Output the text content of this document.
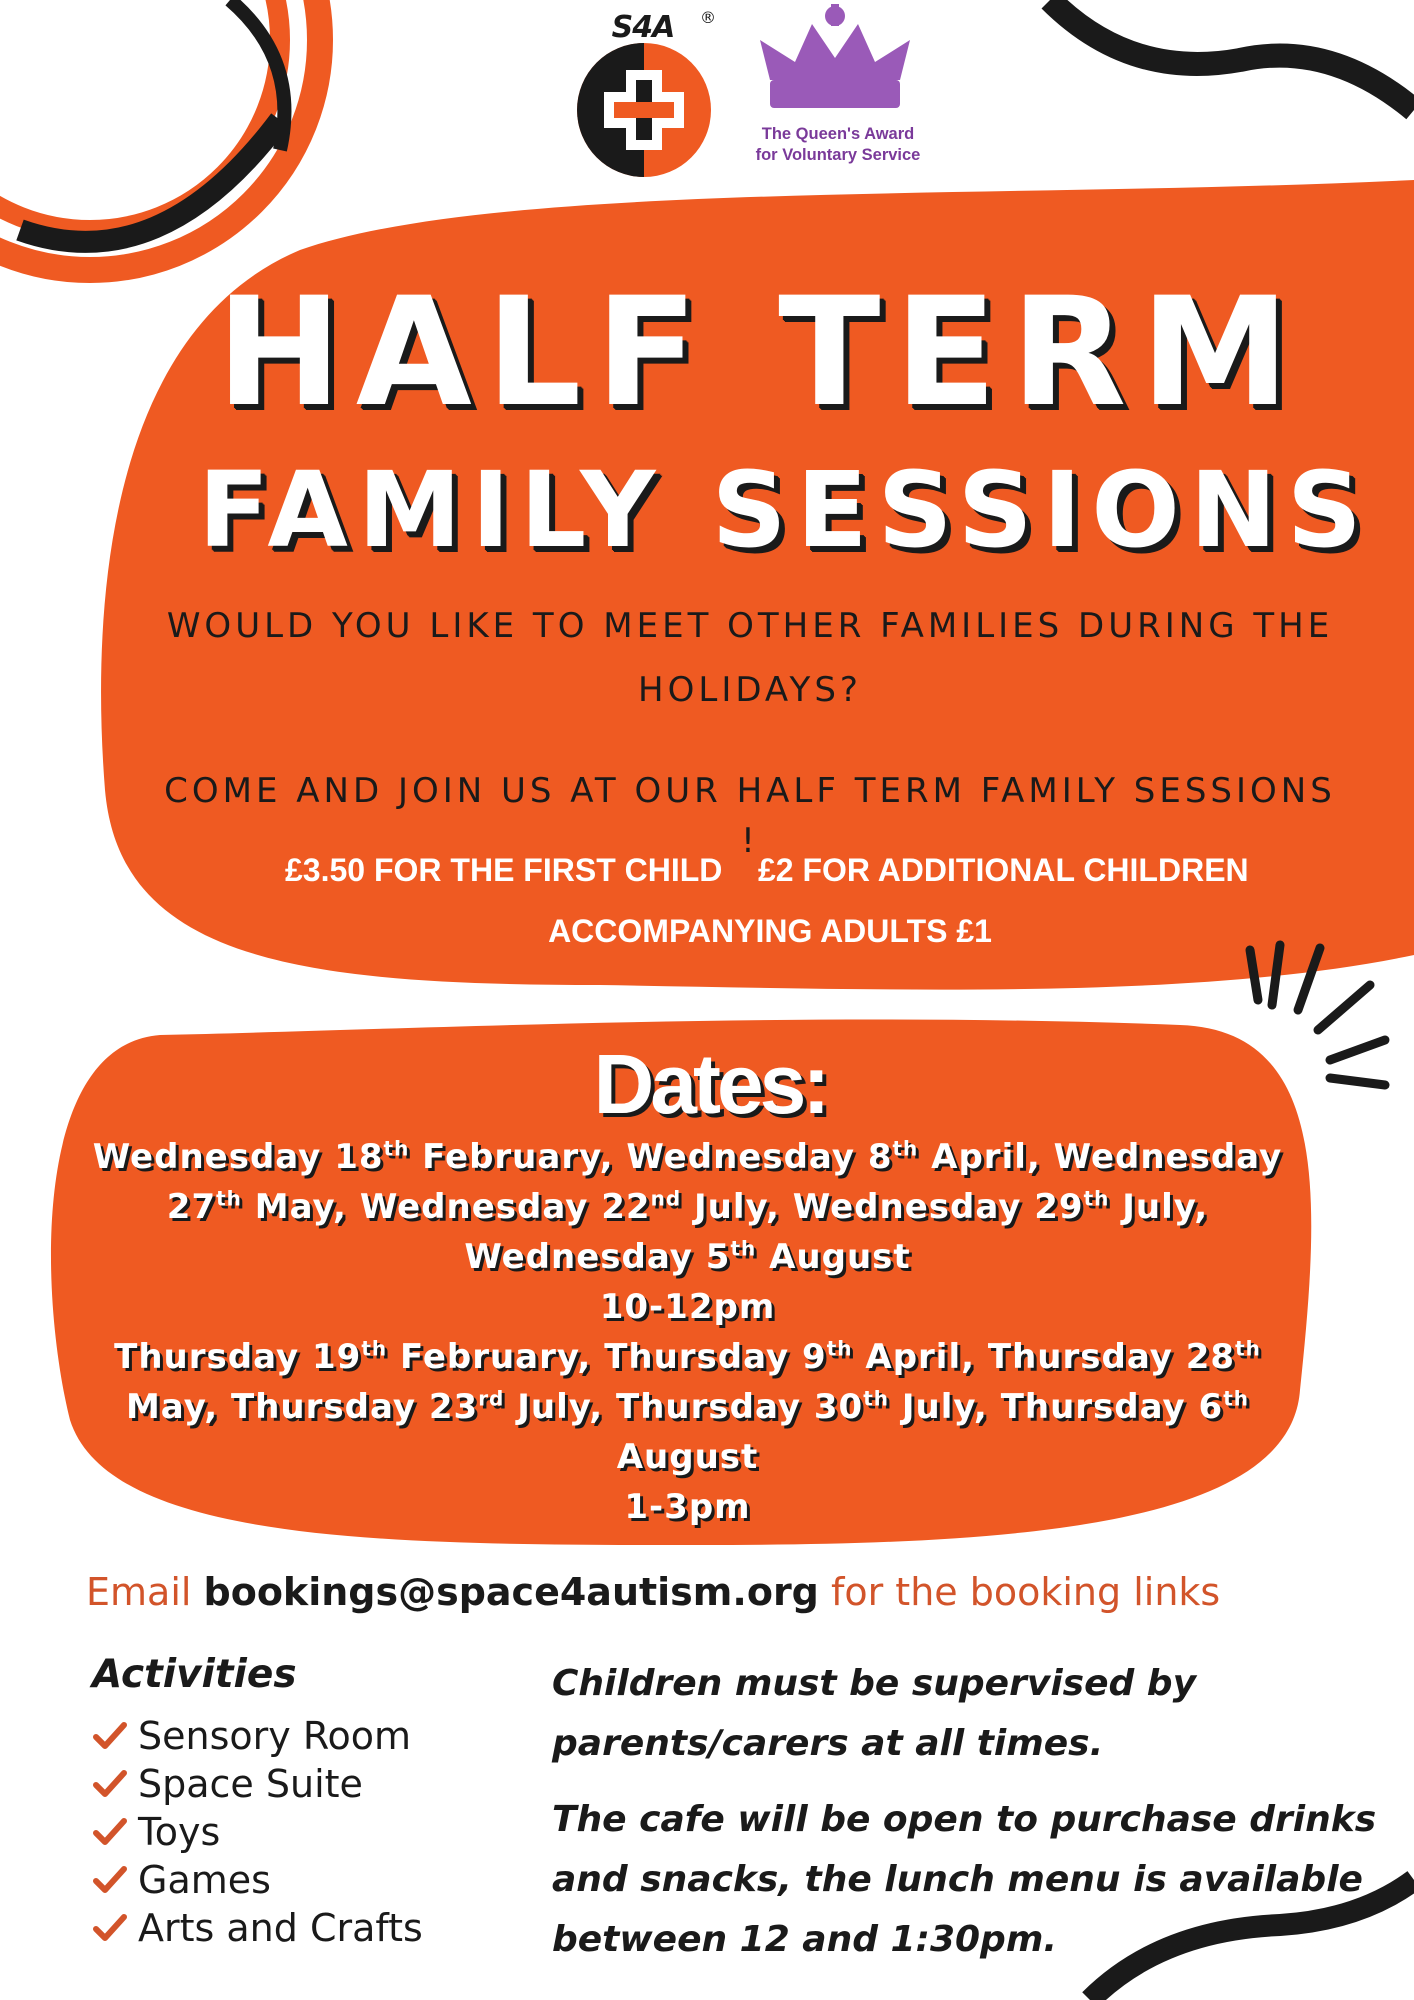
S4A	®
The Queen's Award
for Voluntary Service
HALF TERM
FAMILY SESSIONS
WOULD YOU LIKE TO MEET OTHER FAMILIES DURING THE HOLIDAYS?
COME AND JOIN US AT OUR HALF TERM FAMILY SESSIONS !
£3.50 FOR THE FIRST CHILD £2 FOR ADDITIONAL CHILDREN
ACCOMPANYING ADULTS £1
Dates:
Wednesday 18th February, Wednesday 8th April, Wednesday 27th May, Wednesday 22nd July, Wednesday 29th July, Wednesday 5th August
10-12pm
Thursday 19th February, Thursday 9th April, Thursday 28th May, Thursday 23rd July, Thursday 30th July, Thursday 6th August
1-3pm
Email bookings@space4autism.org for the booking links
Activities
Sensory Room
Space Suite
Toys
Games
Arts and Crafts
Children must be supervised by parents/carers at all times.
The cafe will be open to purchase drinks and snacks, the lunch menu is available between 12 and 1:30pm.
